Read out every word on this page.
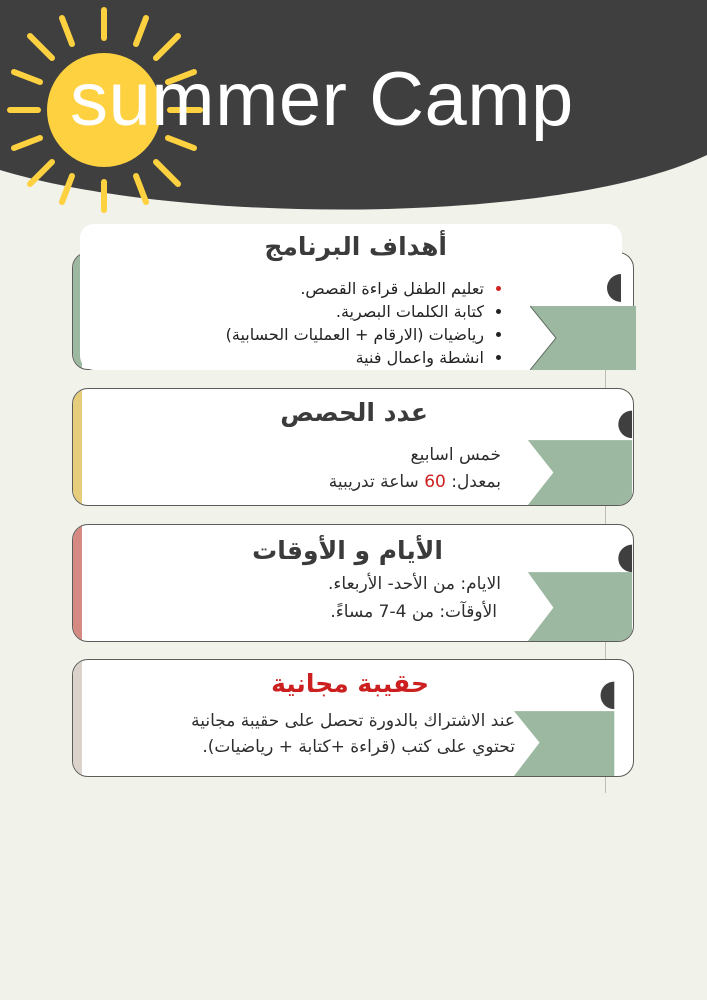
summer Camp
أهداف البرنامج
• تعليم الطفل قراءة القصص.
• كتابة الكلمات البصرية.
• رياضيات (الارقام + العمليات الحسابية)
• انشطة واعمال فنية
عدد الحصص

خمس اسابيع

بمعدل: 60 ساعة تدريبية

الأيام و الأوقات

الايام: من الأحد- الأربعاء.

الأوقآت: من 4-7 مساءً.

حقيبة مجانية

عند الاشتراك بالدورة تحصل على حقيبة مجانية

تحتوي على كتب (قراءة +كتابة + رياضيات).
